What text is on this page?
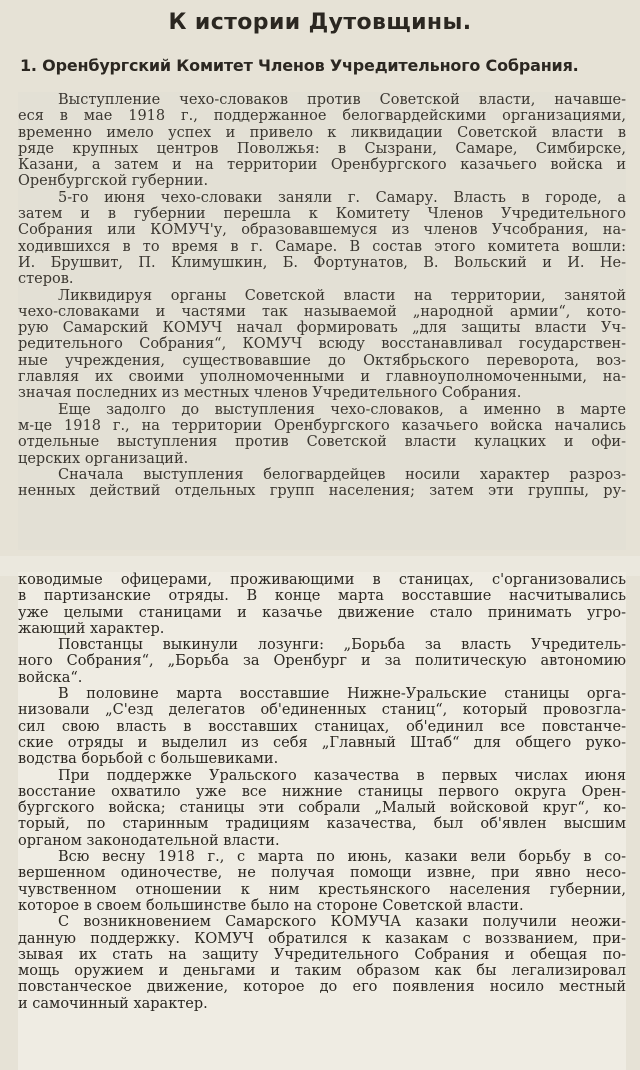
К истории Дутовщины.
1. Оренбургский Комитет Членов Учредительного Собрания.
Выступление чехо-словаков против Советской власти, начавше-
еся в мае 1918 г., поддержанное белогвардейскими организациями,
временно имело успех и привело к ликвидации Советской власти в
ряде крупных центров Поволжья: в Сызрани, Самаре, Симбирске,
Казани, а затем и на территории Оренбургского казачьего войска и
Оренбургской губернии.
5-го июня чехо-словаки заняли г. Самару. Власть в городе, а
затем и в губернии перешла к Комитету Членов Учредительного
Собрания или КОМУЧ'у, образовавшемуся из членов Учсобрания, на-
ходившихся в то время в г. Самаре. В состав этого комитета вошли:
И. Брушвит, П. Климушкин, Б. Фортунатов, В. Вольский и И. Не-
стеров.
Ликвидируя органы Советской власти на территории, занятой
чехо-словаками и частями так называемой „народной армии“, кото-
рую Самарский КОМУЧ начал формировать „для защиты власти Уч-
редительного Собрания“, КОМУЧ всюду восстанавливал государствен-
ные учреждения, существовавшие до Октябрьского переворота, воз-
главляя их своими уполномоченными и главноуполномоченными, на-
значая последних из местных членов Учредительного Собрания.
Еще задолго до выступления чехо-словаков, а именно в марте
м-це 1918 г., на территории Оренбургского казачьего войска начались
отдельные выступления против Советской власти кулацких и офи-
церских организаций.
Сначала выступления белогвардейцев носили характер разроз-
ненных действий отдельных групп населения; затем эти группы, ру-
ководимые офицерами, проживающими в станицах, с'организовались
в партизанские отряды. В конце марта восставшие насчитывались
уже целыми станицами и казачье движение стало принимать угро-
жающий характер.
Повстанцы выкинули лозунги: „Борьба за власть Учредитель-
ного Собрания“, „Борьба за Оренбург и за политическую автономию
войска“.
В половине марта восставшие Нижне-Уральские станицы орга-
низовали „С'езд делегатов об'единенных станиц“, который провозгла-
сил свою власть в восставших станицах, об'единил все повстанче-
ские отряды и выделил из себя „Главный Штаб“ для общего руко-
водства борьбой с большевиками.
При поддержке Уральского казачества в первых числах июня
восстание охватило уже все нижние станицы первого округа Орен-
бургского войска; станицы эти собрали „Малый войсковой круг“, ко-
торый, по старинным традициям казачества, был об'явлен высшим
органом законодательной власти.
Всю весну 1918 г., с марта по июнь, казаки вели борьбу в со-
вершенном одиночестве, не получая помощи извне, при явно несо-
чувственном отношении к ним крестьянского населения губернии,
которое в своем большинстве было на стороне Советской власти.
С возникновением Самарского КОМУЧА казаки получили неожи-
данную поддержку. КОМУЧ обратился к казакам с воззванием, при-
зывая их стать на защиту Учредительного Собрания и обещая по-
мощь оружием и деньгами и таким образом как бы легализировал
повстанческое движение, которое до его появления носило местный
и самочинный характер.
